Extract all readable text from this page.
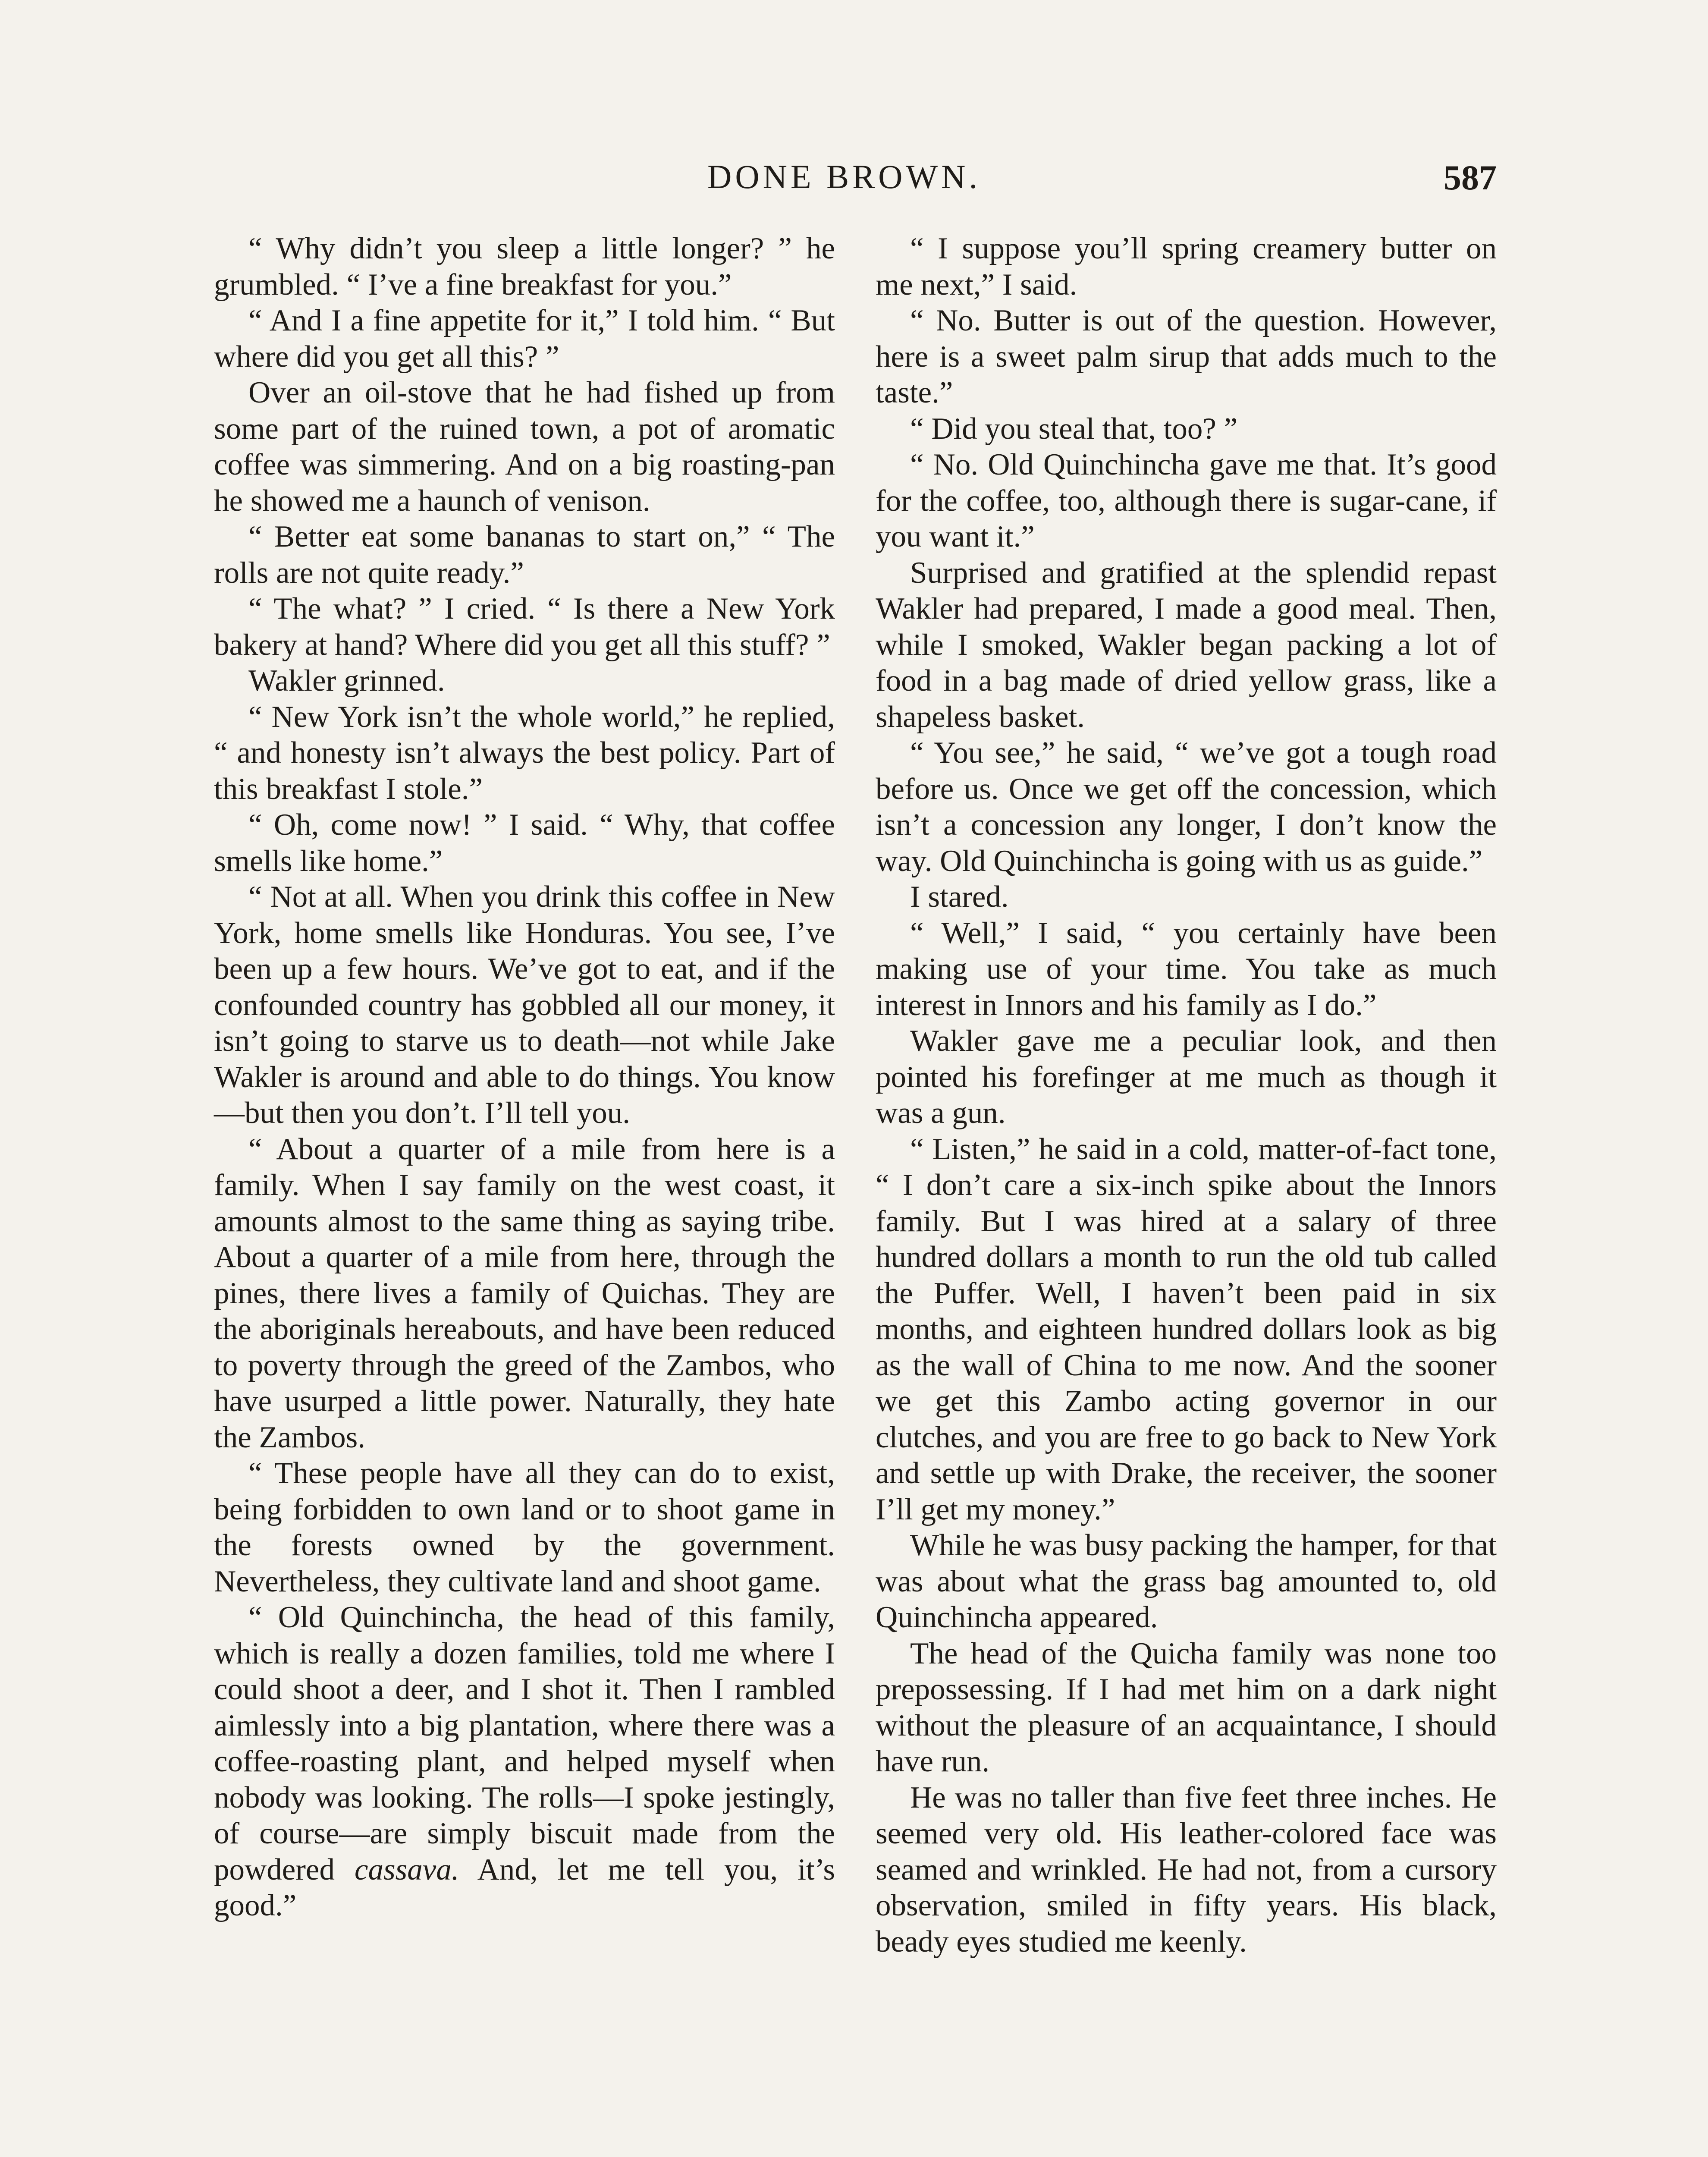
DONE BROWN.	587

“ Why didn’t you sleep a little longer? ” he grumbled. “ I’ve a fine breakfast for you.”

“ And I a fine appetite for it,” I told him. “ But where did you get all this? ”

Over an oil-stove that he had fished up from some part of the ruined town, a pot of aromatic coffee was simmering. And on a big roasting-pan he showed me a haunch of venison.

“ Better eat some bananas to start on,” “ The rolls are not quite ready.”

“ The what? ” I cried. “ Is there a New York bakery at hand? Where did you get all this stuff? ”

Wakler grinned.

“ New York isn’t the whole world,” he replied, “ and honesty isn’t always the best policy. Part of this breakfast I stole.”

“ Oh, come now! ” I said. “ Why, that coffee smells like home.”

“ Not at all. When you drink this coffee in New York, home smells like Honduras. You see, I’ve been up a few hours. We’ve got to eat, and if the confounded country has gobbled all our money, it isn’t going to starve us to death—not while Jake Wakler is around and able to do things. You know—but then you don’t. I’ll tell you.

“ About a quarter of a mile from here is a family. When I say family on the west coast, it amounts almost to the same thing as saying tribe. About a quarter of a mile from here, through the pines, there lives a family of Quichas. They are the aboriginals hereabouts, and have been reduced to poverty through the greed of the Zambos, who have usurped a little power. Naturally, they hate the Zambos.

“ These people have all they can do to exist, being forbidden to own land or to shoot game in the forests owned by the government. Nevertheless, they cultivate land and shoot game.

“ Old Quinchincha, the head of this family, which is really a dozen families, told me where I could shoot a deer, and I shot it. Then I rambled aimlessly into a big plantation, where there was a coffee-roasting plant, and helped myself when nobody was looking. The rolls—I spoke jestingly, of course—are simply biscuit made from the powdered cassava. And, let me tell you, it’s good.”

“ I suppose you’ll spring creamery butter on me next,” I said.

“ No. Butter is out of the question. However, here is a sweet palm sirup that adds much to the taste.”

“ Did you steal that, too? ”

“ No. Old Quinchincha gave me that. It’s good for the coffee, too, although there is sugar-cane, if you want it.”

Surprised and gratified at the splendid repast Wakler had prepared, I made a good meal. Then, while I smoked, Wakler began packing a lot of food in a bag made of dried yellow grass, like a shapeless basket.

“ You see,” he said, “ we’ve got a tough road before us. Once we get off the concession, which isn’t a concession any longer, I don’t know the way. Old Quinchincha is going with us as guide.”

I stared.

“ Well,” I said, “ you certainly have been making use of your time. You take as much interest in Innors and his family as I do.”

Wakler gave me a peculiar look, and then pointed his forefinger at me much as though it was a gun.

“ Listen,” he said in a cold, matter-of-fact tone, “ I don’t care a six-inch spike about the Innors family. But I was hired at a salary of three hundred dollars a month to run the old tub called the Puffer. Well, I haven’t been paid in six months, and eighteen hundred dollars look as big as the wall of China to me now. And the sooner we get this Zambo acting governor in our clutches, and you are free to go back to New York and settle up with Drake, the receiver, the sooner I’ll get my money.”

While he was busy packing the hamper, for that was about what the grass bag amounted to, old Quinchincha appeared.

The head of the Quicha family was none too prepossessing. If I had met him on a dark night without the pleasure of an acquaintance, I should have run.

He was no taller than five feet three inches. He seemed very old. His leather-colored face was seamed and wrinkled. He had not, from a cursory observation, smiled in fifty years. His black, beady eyes studied me keenly.
